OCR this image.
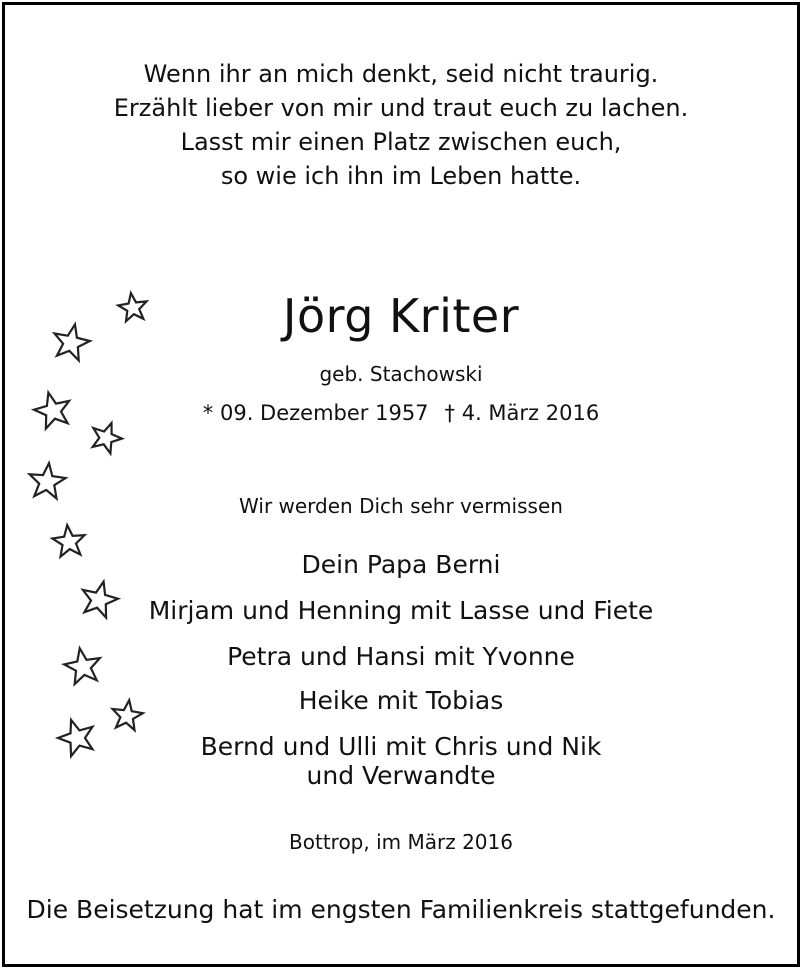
Wenn ihr an mich denkt, seid nicht traurig.
Erzählt lieber von mir und traut euch zu lachen.
Lasst mir einen Platz zwischen euch,
so wie ich ihn im Leben hatte.
Jörg Kriter
geb. Stachowski
* 09. Dezember 1957 † 4. März 2016
Wir werden Dich sehr vermissen
Dein Papa Berni
Mirjam und Henning mit Lasse und Fiete
Petra und Hansi mit Yvonne
Heike mit Tobias
Bernd und Ulli mit Chris und Nik
und Verwandte
Bottrop, im März 2016
Die Beisetzung hat im engsten Familienkreis stattgefunden.
